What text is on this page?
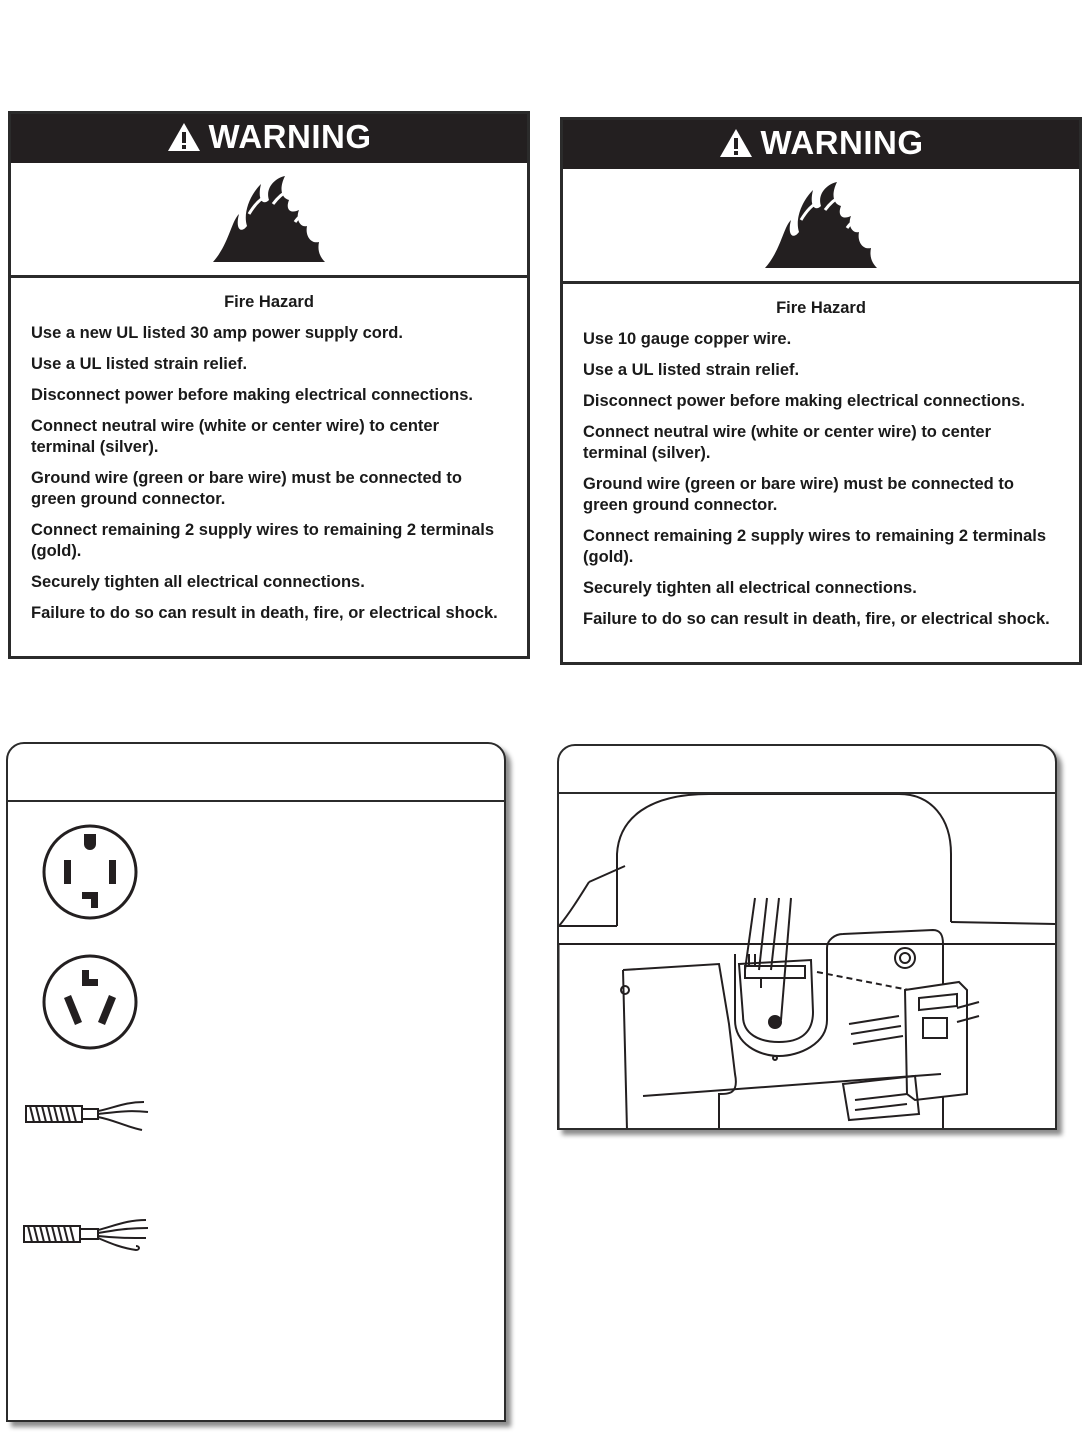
WARNING
Fire Hazard

Use a new UL listed 30 amp power supply cord.

Use a UL listed strain relief.

Disconnect power before making electrical connections.

Connect neutral wire (white or center wire) to center terminal (silver).

Ground wire (green or bare wire) must be connected to green ground connector.

Connect remaining 2 supply wires to remaining 2 terminals (gold).

Securely tighten all electrical connections.

Failure to do so can result in death, fire, or electrical shock.

WARNING
Fire Hazard

Use 10 gauge copper wire.

Use a UL listed strain relief.

Disconnect power before making electrical connections.

Connect neutral wire (white or center wire) to center terminal (silver).

Ground wire (green or bare wire) must be connected to green ground connector.

Connect remaining 2 supply wires to remaining 2 terminals (gold).

Securely tighten all electrical connections.

Failure to do so can result in death, fire, or electrical shock.
